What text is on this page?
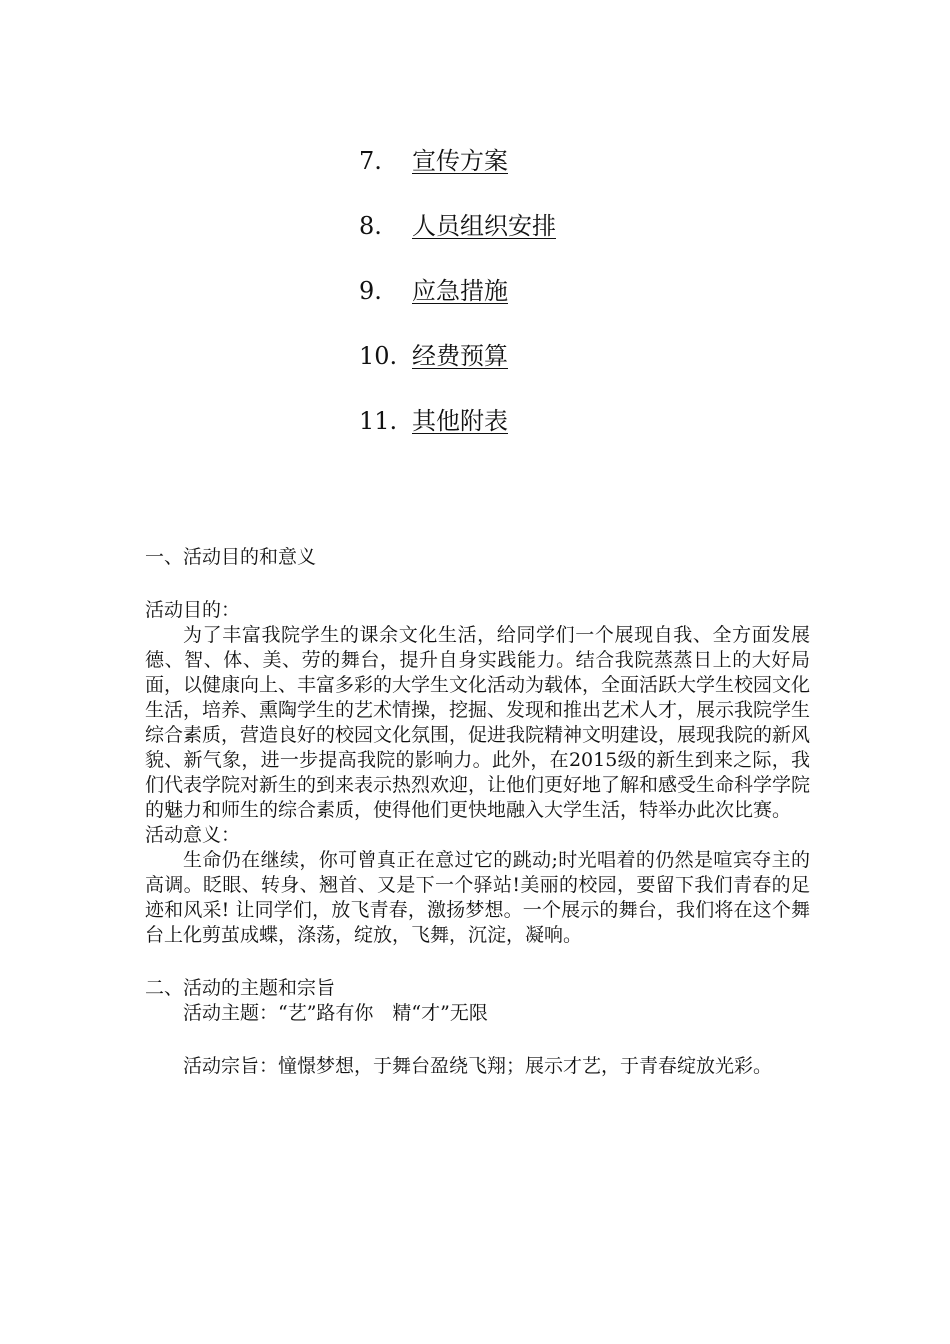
7.	宣传方案
8.	人员组织安排
9.	应急措施
10. 经费预算
11. 其他附表

一、活动目的和意义

活动目的：

为了丰富我院学生的课余文化生活，给同学们一个展现自我、全方面发展德、智、体、美、劳的舞台，提升自身实践能力。结合我院蒸蒸日上的大好局面，以健康向上、丰富多彩的大学生文化活动为载体，全面活跃大学生校园文化生活，培养、熏陶学生的艺术情操，挖掘、发现和推出艺术人才，展示我院学生综合素质，营造良好的校园文化氛围，促进我院精神文明建设，展现我院的新风貌、新气象，进一步提高我院的影响力。此外，在2015级的新生到来之际，我们代表学院对新生的到来表示热烈欢迎，让他们更好地了解和感受生命科学学院的魅力和师生的综合素质，使得他们更快地融入大学生活，特举办此次比赛。

活动意义：

生命仍在继续，你可曾真正在意过它的跳动;时光唱着的仍然是喧宾夺主的高调。眨眼、转身、翘首、又是下一个驿站!美丽的校园，要留下我们青春的足迹和风采! 让同学们，放飞青春，激扬梦想。一个展示的舞台，我们将在这个舞台上化剪茧成蝶，涤荡，绽放，飞舞，沉淀，凝响。

二、活动的主题和宗旨

活动主题：“艺”路有你　精“才”无限

活动宗旨：憧憬梦想，于舞台盈绕飞翔；展示才艺，于青春绽放光彩。
